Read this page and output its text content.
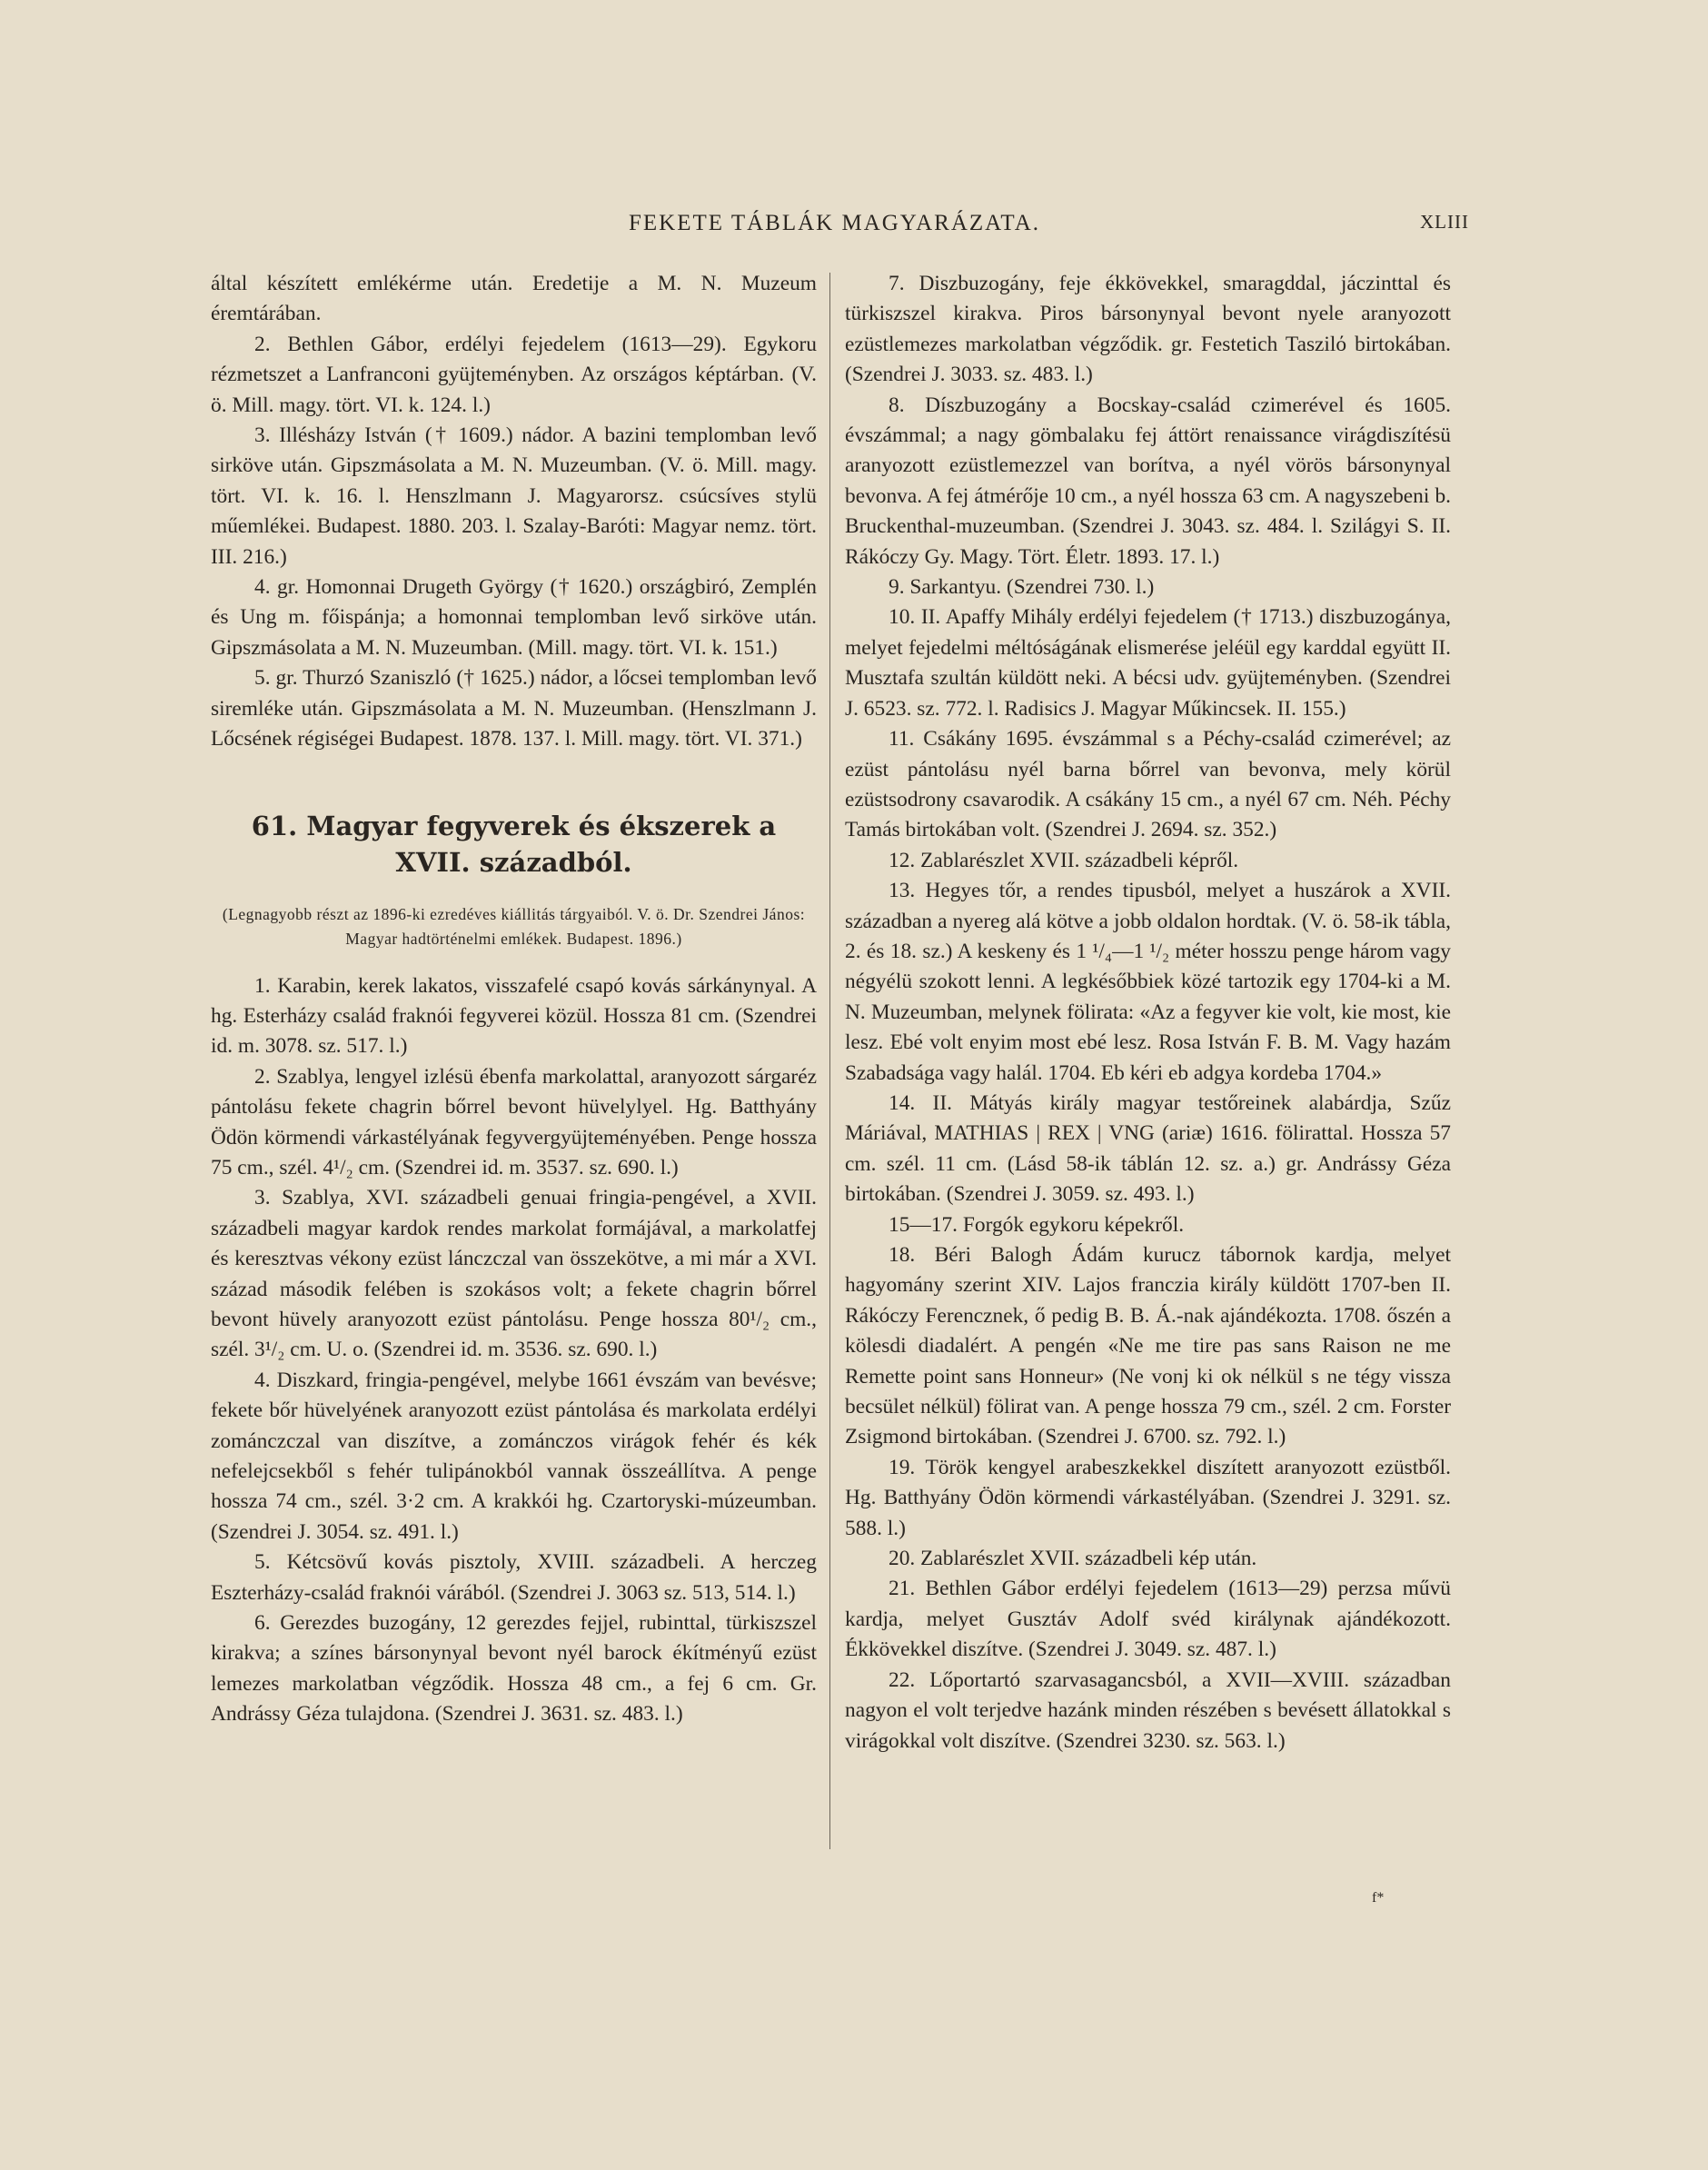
FEKETE TÁBLÁK MAGYARÁZATA.	XLIII

által készített emlékérme után. Eredetije a M. N. Muzeum éremtárában.

2. Bethlen Gábor, erdélyi fejedelem (1613—29). Egykoru rézmetszet a Lanfranconi gyüjteményben. Az országos képtárban. (V. ö. Mill. magy. tört. VI. k. 124. l.)

3. Illésházy István († 1609.) nádor. A bazini templomban levő sirköve után. Gipszmásolata a M. N. Muzeumban. (V. ö. Mill. magy. tört. VI. k. 16. l. Henszlmann J. Magyarorsz. csúcsíves stylü műemlékei. Budapest. 1880. 203. l. Szalay-Baróti: Magyar nemz. tört. III. 216.)

4. gr. Homonnai Drugeth György († 1620.) országbiró, Zemplén és Ung m. főispánja; a homonnai templomban levő sirköve után. Gipszmásolata a M. N. Muzeumban. (Mill. magy. tört. VI. k. 151.)

5. gr. Thurzó Szaniszló († 1625.) nádor, a lőcsei templomban levő siremléke után. Gipszmásolata a M. N. Muzeumban. (Henszlmann J. Lőcsének régiségei Budapest. 1878. 137. l. Mill. magy. tört. VI. 371.)

61. Magyar fegyverek és ékszerek a
XVII. századból.
(Legnagyobb részt az 1896-ki ezredéves kiállitás tárgyaiból. V. ö. Dr. Szendrei János: Magyar hadtörténelmi emlékek. Budapest. 1896.)

1. Karabin, kerek lakatos, visszafelé csapó kovás sárkánynyal. A hg. Esterházy család fraknói fegyverei közül. Hossza 81 cm. (Szendrei id. m. 3078. sz. 517. l.)

2. Szablya, lengyel izlésü ébenfa markolattal, aranyozott sárgaréz pántolásu fekete chagrin bőrrel bevont hüvelylyel. Hg. Batthyány Ödön körmendi várkastélyának fegyvergyüjteményében. Penge hossza 75 cm., szél. 4¹/₂ cm. (Szendrei id. m. 3537. sz. 690. l.)

3. Szablya, XVI. századbeli genuai fringia-pengével, a XVII. századbeli magyar kardok rendes markolat formájával, a markolatfej és keresztvas vékony ezüst lánczczal van összekötve, a mi már a XVI. század második felében is szokásos volt; a fekete chagrin bőrrel bevont hüvely aranyozott ezüst pántolásu. Penge hossza 80¹/₂ cm., szél. 3¹/₂ cm. U. o. (Szendrei id. m. 3536. sz. 690. l.)

4. Diszkard, fringia-pengével, melybe 1661 évszám van bevésve; fekete bőr hüvelyének aranyozott ezüst pántolása és markolata erdélyi zománczczal van diszítve, a zománczos virágok fehér és kék nefelejcsekből s fehér tulipánokból vannak összeállítva. A penge hossza 74 cm., szél. 3·2 cm. A krakkói hg. Czartoryski-múzeumban. (Szendrei J. 3054. sz. 491. l.)

5. Kétcsövű kovás pisztoly, XVIII. századbeli. A herczeg Eszterházy-család fraknói várából. (Szendrei J. 3063 sz. 513, 514. l.)

6. Gerezdes buzogány, 12 gerezdes fejjel, rubinttal, türkiszszel kirakva; a színes bársonynyal bevont nyél barock ékítményű ezüst lemezes markolatban végződik. Hossza 48 cm., a fej 6 cm. Gr. Andrássy Géza tulajdona. (Szendrei J. 3631. sz. 483. l.)

7. Diszbuzogány, feje ékkövekkel, smaragddal, jáczinttal és türkiszszel kirakva. Piros bársonynyal bevont nyele aranyozott ezüstlemezes markolatban végződik. gr. Festetich Taszilό birtokában. (Szendrei J. 3033. sz. 483. l.)

8. Díszbuzogány a Bocskay-család czimerével és 1605. évszámmal; a nagy gömbalaku fej áttört renaissance virágdiszítésü aranyozott ezüstlemezzel van borítva, a nyél vörös bársonynyal bevonva. A fej átmérője 10 cm., a nyél hossza 63 cm. A nagyszebeni b. Bruckenthal-muzeumban. (Szendrei J. 3043. sz. 484. l. Szilágyi S. II. Rákóczy Gy. Magy. Tört. Életr. 1893. 17. l.)

9. Sarkantyu. (Szendrei 730. l.)

10. II. Apaffy Mihály erdélyi fejedelem († 1713.) diszbuzogánya, melyet fejedelmi méltóságának elismerése jeléül egy karddal együtt II. Musztafa szultán küldött neki. A bécsi udv. gyüjteményben. (Szendrei J. 6523. sz. 772. l. Radisics J. Magyar Műkincsek. II. 155.)

11. Csákány 1695. évszámmal s a Péchy-család czimerével; az ezüst pántolásu nyél barna bőrrel van bevonva, mely körül ezüstsodrony csavarodik. A csákány 15 cm., a nyél 67 cm. Néh. Péchy Tamás birtokában volt. (Szendrei J. 2694. sz. 352.)

12. Zablarészlet XVII. századbeli képről.

13. Hegyes tőr, a rendes tipusból, melyet a huszárok a XVII. században a nyereg alá kötve a jobb oldalon hordtak. (V. ö. 58-ik tábla, 2. és 18. sz.) A keskeny és 1 ¹/₄—1 ¹/₂ méter hosszu penge három vagy négyélü szokott lenni. A legkésőbbiek közé tartozik egy 1704-ki a M. N. Muzeumban, melynek fölirata: «Az a fegyver kie volt, kie most, kie lesz. Ebé volt enyim most ebé lesz. Rosa István F. B. M. Vagy hazám Szabadsága vagy halál. 1704. Eb kéri eb adgya kordeba 1704.»

14. II. Mátyás király magyar testőreinek alabárdja, Szűz Máriával, MATHIAS | REX | VNG (ariæ) 1616. fölirattal. Hossza 57 cm. szél. 11 cm. (Lásd 58-ik táblán 12. sz. a.) gr. Andrássy Géza birtokában. (Szendrei J. 3059. sz. 493. l.)

15—17. Forgók egykoru képekről.

18. Béri Balogh Ádám kurucz tábornok kardja, melyet hagyomány szerint XIV. Lajos franczia király küldött 1707-ben II. Rákóczy Ferencznek, ő pedig B. B. Á.-nak ajándékozta. 1708. őszén a kölesdi diadalért. A pengén «Ne me tire pas sans Raison ne me Remette point sans Honneur» (Ne vonj ki ok nélkül s ne tégy vissza becsület nélkül) fölirat van. A penge hossza 79 cm., szél. 2 cm. Forster Zsigmond birtokában. (Szendrei J. 6700. sz. 792. l.)

19. Török kengyel arabeszkekkel diszített aranyozott ezüstből. Hg. Batthyány Ödön körmendi várkastélyában. (Szendrei J. 3291. sz. 588. l.)

20. Zablarészlet XVII. századbeli kép után.

21. Bethlen Gábor erdélyi fejedelem (1613—29) perzsa művü kardja, melyet Gusztáv Adolf svéd királynak ajándékozott. Ékkövekkel diszítve. (Szendrei J. 3049. sz. 487. l.)

22. Lőportartó szarvasagancsból, a XVII—XVIII. században nagyon el volt terjedve hazánk minden részében s bevésett állatokkal s virágokkal volt diszítve. (Szendrei 3230. sz. 563. l.)

f*
